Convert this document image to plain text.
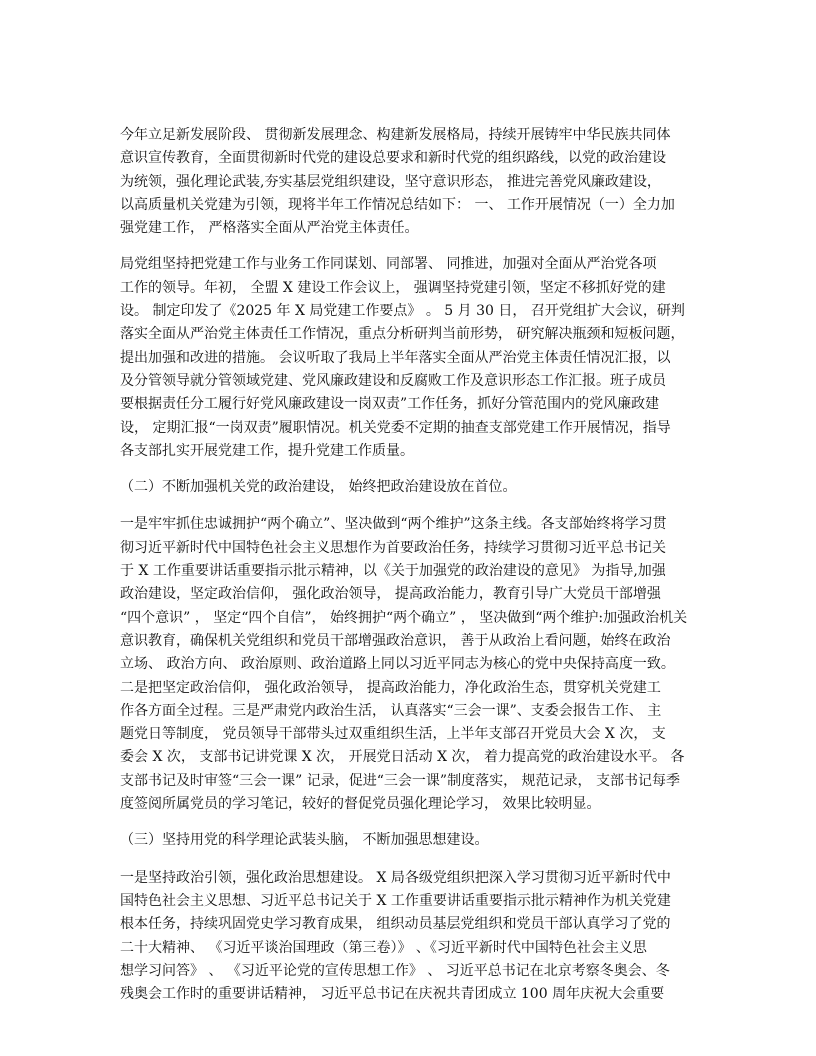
今年立足新发展阶段、 贯彻新发展理念、构建新发展格局，持续开展铸牢中华民族共同体
意识宣传教育，全面贯彻新时代党的建设总要求和新时代党的组织路线，以党的政治建设
为统领，强化理论武装,夯实基层党组织建设，坚守意识形态， 推进完善党风廉政建设，
以高质量机关党建为引领，现将半年工作情况总结如下： 一、 工作开展情况（一）全力加
强党建工作， 严格落实全面从严治党主体责任。
局党组坚持把党建工作与业务工作同谋划、同部署、 同推进，加强对全面从严治党各项
工作的领导。年初， 全盟 X 建设工作会议上， 强调坚持党建引领，坚定不移抓好党的建
设。 制定印发了《2025 年 X 局党建工作要点》 。 5 月 30 日， 召开党组扩大会议，研判
落实全面从严治党主体责任工作情况，重点分析研判当前形势， 研究解决瓶颈和短板问题，
提出加强和改进的措施。 会议听取了我局上半年落实全面从严治党主体责任情况汇报，以
及分管领导就分管领域党建、党风廉政建设和反腐败工作及意识形态工作汇报。班子成员
要根据责任分工履行好党风廉政建设一岗双责”工作任务，抓好分管范围内的党风廉政建
设， 定期汇报“一岗双责”履职情况。机关党委不定期的抽查支部党建工作开展情况，指导
各支部扎实开展党建工作，提升党建工作质量。
（二）不断加强机关党的政治建设， 始终把政治建设放在首位。
一是牢牢抓住忠诚拥护“两个确立”、坚决做到“两个维护”这条主线。各支部始终将学习贯
彻习近平新时代中国特色社会主义思想作为首要政治任务，持续学习贯彻习近平总书记关
于 X 工作重要讲话重要指示批示精神，以《关于加强党的政治建设的意见》 为指导,加强
政治建设，坚定政治信仰， 强化政治领导， 提高政治能力，教育引导广大党员干部增强
“四个意识” ， 坚定“四个自信”， 始终拥护“两个确立” ， 坚决做到“两个维护:加强政治机关
意识教育，确保机关党组织和党员干部增强政治意识， 善于从政治上看问题，始终在政治
立场、 政治方向、 政治原则、政治道路上同以习近平同志为核心的党中央保持高度一致。
二是把坚定政治信仰， 强化政治领导， 提高政治能力，净化政治生态，贯穿机关党建工
作各方面全过程。三是严肃党内政治生活， 认真落实“三会一课”、支委会报告工作、 主
题党日等制度， 党员领导干部带头过双重组织生活，上半年支部召开党员大会 X 次， 支
委会 X 次， 支部书记讲党课 X 次， 开展党日活动 X 次， 着力提高党的政治建设水平。 各
支部书记及时审签“三会一课” 记录，促进“三会一课”制度落实， 规范记录， 支部书记每季
度签阅所属党员的学习笔记，较好的督促党员强化理论学习， 效果比较明显。
（三）坚持用党的科学理论武装头脑， 不断加强思想建设。
一是坚持政治引领，强化政治思想建设。 X 局各级党组织把深入学习贯彻习近平新时代中
国特色社会主义思想、习近平总书记关于 X 工作重要讲话重要指示批示精神作为机关党建
根本任务，持续巩固党史学习教育成果， 组织动员基层党组织和党员干部认真学习了党的
二十大精神、 《习近平谈治国理政（第三卷）》 、《习近平新时代中国特色社会主义思
想学习问答》 、 《习近平论党的宣传思想工作》 、 习近平总书记在北京考察冬奥会、冬
残奥会工作时的重要讲话精神， 习近平总书记在庆祝共青团成立 100 周年庆祝大会重要
